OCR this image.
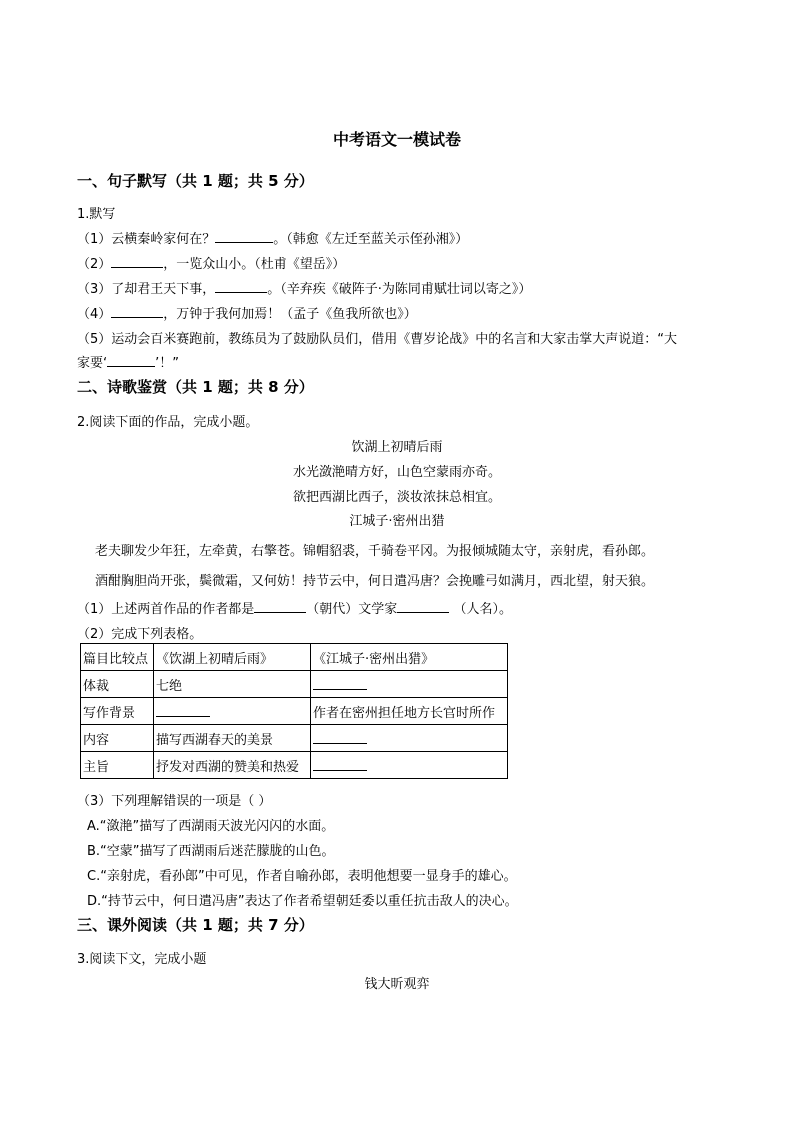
中考语文一模试卷
一、句子默写（共 1 题；共 5 分）
1.默写
（1）云横秦岭家何在？	。（韩愈《左迁至蓝关示侄孙湘》）
（2）	，一览众山小。（杜甫《望岳》）
（3）了却君王天下事，	。（辛弃疾《破阵子·为陈同甫赋壮词以寄之》）
（4）	，万钟于我何加焉！（孟子《鱼我所欲也》）
（5）运动会百米赛跑前，教练员为了鼓励队员们，借用《曹岁论战》中的名言和大家击掌大声说道：“大
家要‘	’！”
二、诗歌鉴赏（共 1 题；共 8 分）
2.阅读下面的作品，完成小题。
饮湖上初晴后雨
水光潋滟晴方好，山色空蒙雨亦奇。
欲把西湖比西子，淡妆浓抹总相宜。
江城子·密州出猎
老夫聊发少年狂，左牵黄，右擎苍。锦帽貂裘，千骑卷平冈。为报倾城随太守，亲射虎，看孙郎。
酒酣胸胆尚开张，鬓微霜，又何妨！持节云中，何日遣冯唐？会挽雕弓如满月，西北望，射天狼。
（1）上述两首作品的作者都是	（朝代）文学家	（人名）。
（2）完成下列表格。
篇目比较点	《饮湖上初晴后雨》	《江城子·密州出猎》
体裁	七绝	
写作背景		作者在密州担任地方长官时所作
内容	描写西湖春天的美景	
主旨	抒发对西湖的赞美和热爱	
（3）下列理解错误的一项是（ ）
A.“潋滟”描写了西湖雨天波光闪闪的水面。
B.“空蒙”描写了西湖雨后迷茫朦胧的山色。
C.“亲射虎，看孙郎”中可见，作者自喻孙郎，表明他想要一显身手的雄心。
D.“持节云中，何日遣冯唐”表达了作者希望朝廷委以重任抗击敌人的决心。
三、课外阅读（共 1 题；共 7 分）
3.阅读下文，完成小题
钱大昕观弈
